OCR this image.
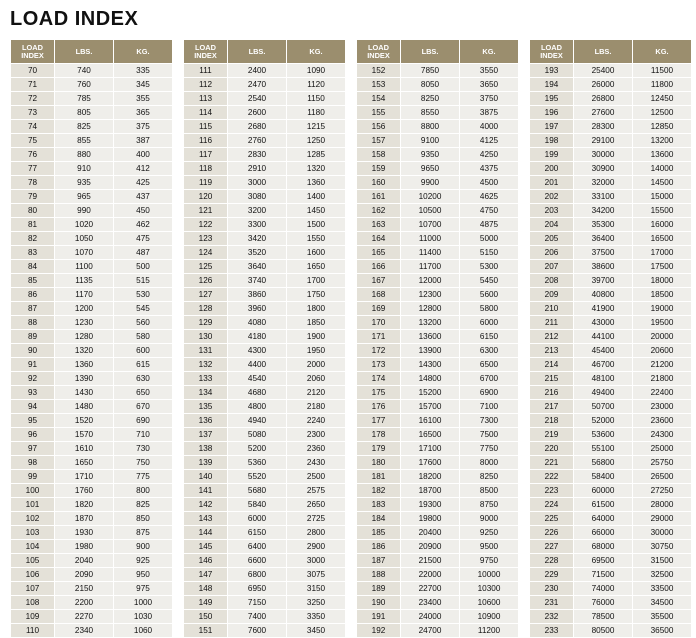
LOAD INDEX
LOAD INDEX	LBS.	KG.
70	740	335
71	760	345
72	785	355
73	805	365
74	825	375
75	855	387
76	880	400
77	910	412
78	935	425
79	965	437
80	990	450
81	1020	462
82	1050	475
83	1070	487
84	1100	500
85	1135	515
86	1170	530
87	1200	545
88	1230	560
89	1280	580
90	1320	600
91	1360	615
92	1390	630
93	1430	650
94	1480	670
95	1520	690
96	1570	710
97	1610	730
98	1650	750
99	1710	775
100	1760	800
101	1820	825
102	1870	850
103	1930	875
104	1980	900
105	2040	925
106	2090	950
107	2150	975
108	2200	1000
109	2270	1030
110	2340	1060
LOAD INDEX	LBS.	KG.
111	2400	1090
112	2470	1120
113	2540	1150
114	2600	1180
115	2680	1215
116	2760	1250
117	2830	1285
118	2910	1320
119	3000	1360
120	3080	1400
121	3200	1450
122	3300	1500
123	3420	1550
124	3520	1600
125	3640	1650
126	3740	1700
127	3860	1750
128	3960	1800
129	4080	1850
130	4180	1900
131	4300	1950
132	4400	2000
133	4540	2060
134	4680	2120
135	4800	2180
136	4940	2240
137	5080	2300
138	5200	2360
139	5360	2430
140	5520	2500
141	5680	2575
142	5840	2650
143	6000	2725
144	6150	2800
145	6400	2900
146	6600	3000
147	6800	3075
148	6950	3150
149	7150	3250
150	7400	3350
151	7600	3450
LOAD INDEX	LBS.	KG.
152	7850	3550
153	8050	3650
154	8250	3750
155	8550	3875
156	8800	4000
157	9100	4125
158	9350	4250
159	9650	4375
160	9900	4500
161	10200	4625
162	10500	4750
163	10700	4875
164	11000	5000
165	11400	5150
166	11700	5300
167	12000	5450
168	12300	5600
169	12800	5800
170	13200	6000
171	13600	6150
172	13900	6300
173	14300	6500
174	14800	6700
175	15200	6900
176	15700	7100
177	16100	7300
178	16500	7500
179	17100	7750
180	17600	8000
181	18200	8250
182	18700	8500
183	19300	8750
184	19800	9000
185	20400	9250
186	20900	9500
187	21500	9750
188	22000	10000
189	22700	10300
190	23400	10600
191	24000	10900
192	24700	11200
LOAD INDEX	LBS.	KG.
193	25400	11500
194	26000	11800
195	26800	12450
196	27600	12500
197	28300	12850
198	29100	13200
199	30000	13600
200	30900	14000
201	32000	14500
202	33100	15000
203	34200	15500
204	35300	16000
205	36400	16500
206	37500	17000
207	38600	17500
208	39700	18000
209	40800	18500
210	41900	19000
211	43000	19500
212	44100	20000
213	45400	20600
214	46700	21200
215	48100	21800
216	49400	22400
217	50700	23000
218	52000	23600
219	53600	24300
220	55100	25000
221	56800	25750
222	58400	26500
223	60000	27250
224	61500	28000
225	64000	29000
226	66000	30000
227	68000	30750
228	69500	31500
229	71500	32500
230	74000	33500
231	76000	34500
232	78500	35500
233	80500	36500
